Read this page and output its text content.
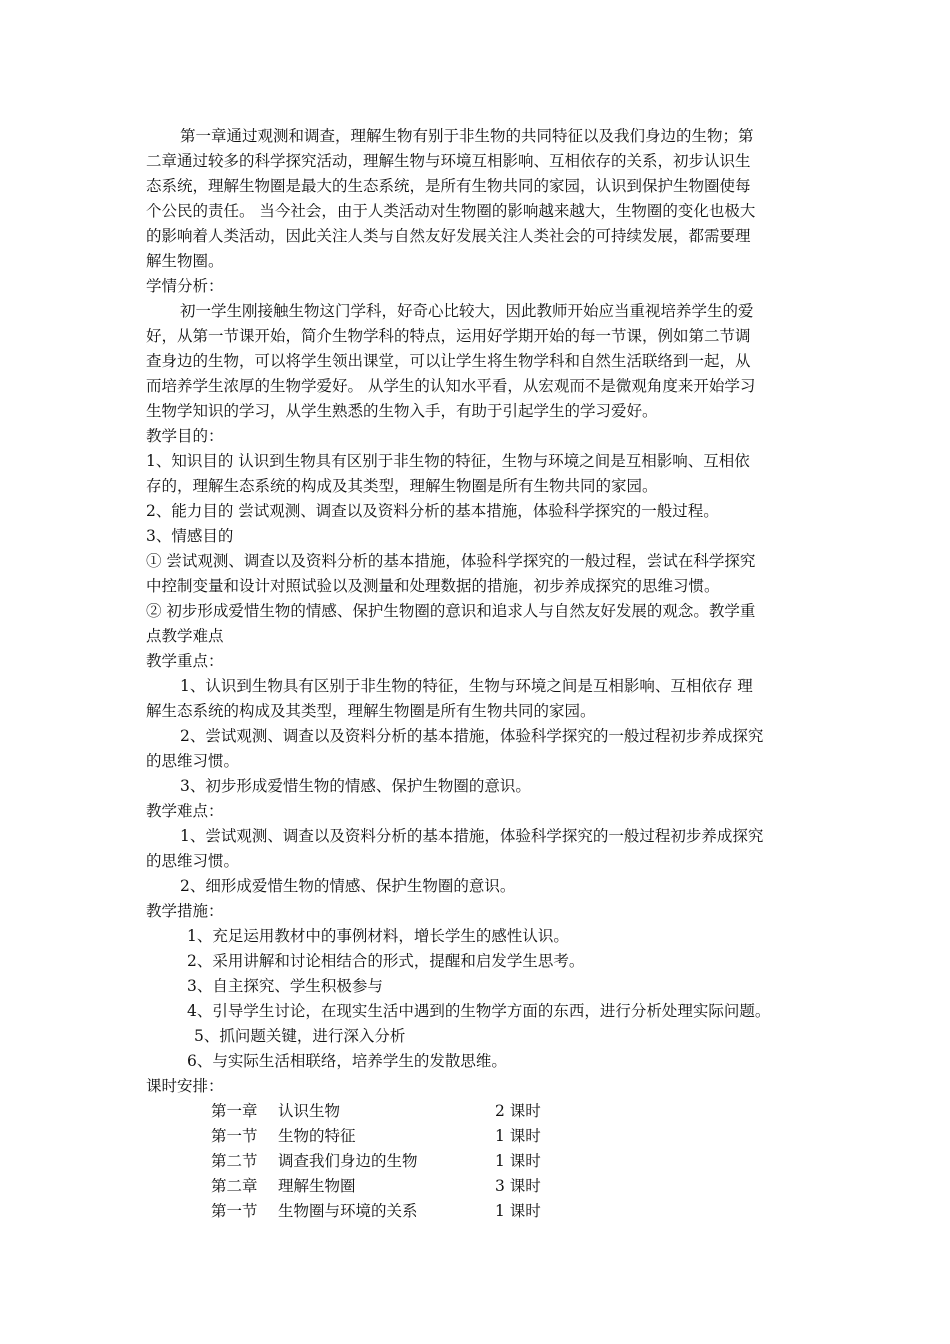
第一章通过观测和调查，理解生物有别于非生物的共同特征以及我们身边的生物；第
二章通过较多的科学探究活动，理解生物与环境互相影响、互相依存的关系，初步认识生
态系统，理解生物圈是最大的生态系统，是所有生物共同的家园，认识到保护生物圈使每
个公民的责任。 当今社会，由于人类活动对生物圈的影响越来越大，生物圈的变化也极大
的影响着人类活动，因此关注人类与自然友好发展关注人类社会的可持续发展，都需要理
解生物圈。
学情分析：
初一学生刚接触生物这门学科，好奇心比较大，因此教师开始应当重视培养学生的爱
好，从第一节课开始，简介生物学科的特点，运用好学期开始的每一节课，例如第二节调
查身边的生物，可以将学生领出课堂，可以让学生将生物学科和自然生活联络到一起，从
而培养学生浓厚的生物学爱好。 从学生的认知水平看，从宏观而不是微观角度来开始学习
生物学知识的学习，从学生熟悉的生物入手，有助于引起学生的学习爱好。
教学目的：
1、知识目的 认识到生物具有区别于非生物的特征，生物与环境之间是互相影响、互相依
存的，理解生态系统的构成及其类型，理解生物圈是所有生物共同的家园。
2、能力目的 尝试观测、调查以及资料分析的基本措施，体验科学探究的一般过程。
3、情感目的
① 尝试观测、调查以及资料分析的基本措施，体验科学探究的一般过程，尝试在科学探究
中控制变量和设计对照试验以及测量和处理数据的措施，初步养成探究的思维习惯。
② 初步形成爱惜生物的情感、保护生物圈的意识和追求人与自然友好发展的观念。教学重
点教学难点
教学重点：
1、认识到生物具有区别于非生物的特征，生物与环境之间是互相影响、互相依存 理
解生态系统的构成及其类型，理解生物圈是所有生物共同的家园。
2、尝试观测、调查以及资料分析的基本措施，体验科学探究的一般过程初步养成探究
的思维习惯。
3、初步形成爱惜生物的情感、保护生物圈的意识。
教学难点：
1、尝试观测、调查以及资料分析的基本措施，体验科学探究的一般过程初步养成探究
的思维习惯。
2、细形成爱惜生物的情感、保护生物圈的意识。
教学措施：
1、充足运用教材中的事例材料，增长学生的感性认识。
2、采用讲解和讨论相结合的形式，提醒和启发学生思考。
3、自主探究、学生积极参与
4、引导学生讨论，在现实生活中遇到的生物学方面的东西，进行分析处理实际问题。
5、抓问题关键，进行深入分析
6、与实际生活相联络，培养学生的发散思维。
课时安排：
第一章 认识生物	2 课时
第一节 生物的特征	1 课时
第二节 调查我们身边的生物	1 课时
第二章 理解生物圈	3 课时
第一节 生物圈与环境的关系	1 课时
